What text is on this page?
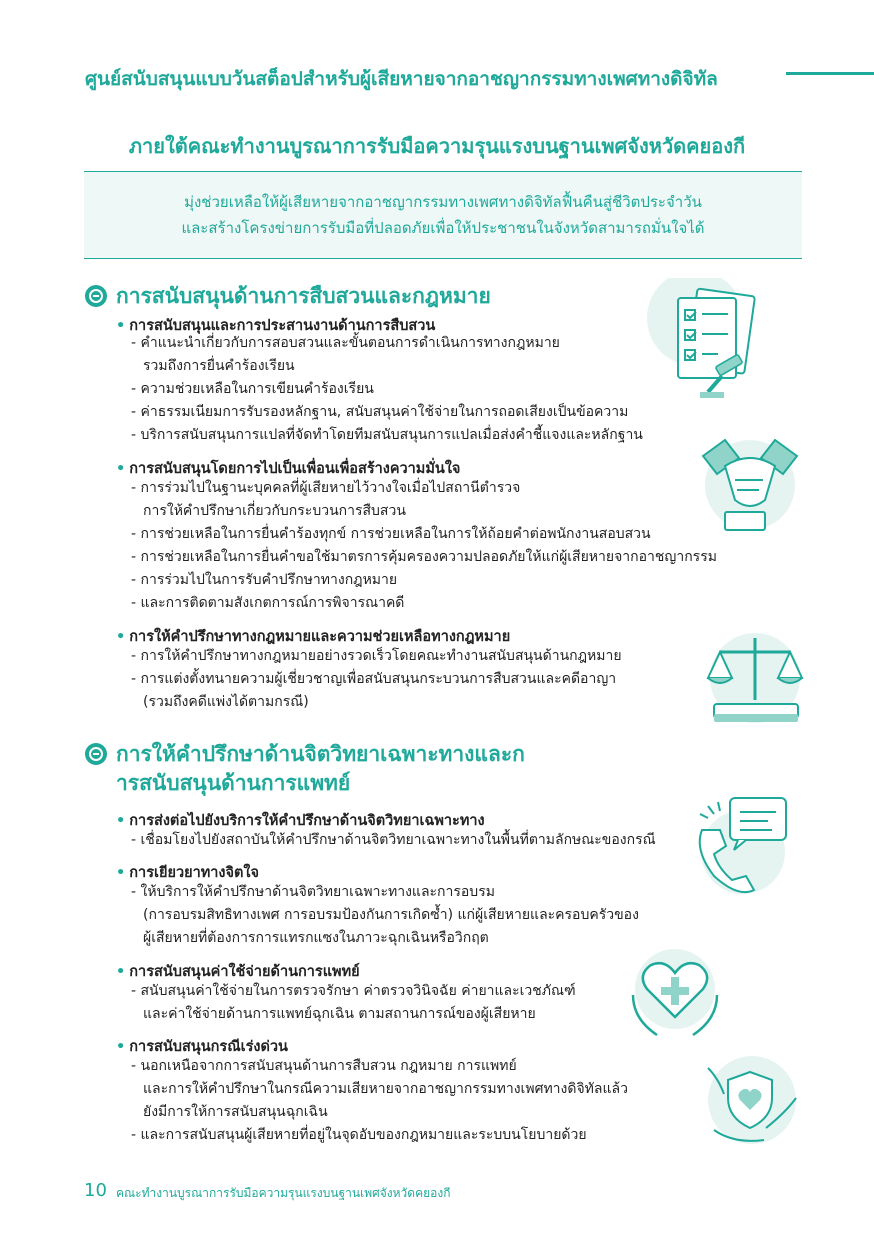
ศูนย์สนับสนุนแบบวันสต็อปสำหรับผู้เสียหายจากอาชญากรรมทางเพศทางดิจิทัล
ภายใต้คณะทำงานบูรณาการรับมือความรุนแรงบนฐานเพศจังหวัดคยองกี

มุ่งช่วยเหลือให้ผู้เสียหายจากอาชญากรรมทางเพศทางดิจิทัลฟื้นคืนสู่ชีวิตประจำวัน

และสร้างโครงข่ายการรับมือที่ปลอดภัยเพื่อให้ประชาชนในจังหวัดสามารถมั่นใจได้

การสนับสนุนด้านการสืบสวนและกฎหมาย
• การสนับสนุนและการประสานงานด้านการสืบสวน
- คำแนะนำเกี่ยวกับการสอบสวนและขั้นตอนการดำเนินการทางกฎหมาย
รวมถึงการยื่นคำร้องเรียน
- ความช่วยเหลือในการเขียนคำร้องเรียน
- ค่าธรรมเนียมการรับรองหลักฐาน, สนับสนุนค่าใช้จ่ายในการถอดเสียงเป็นข้อความ
- บริการสนับสนุนการแปลที่จัดทำโดยทีมสนับสนุนการแปลเมื่อส่งคำชี้แจงและหลักฐาน
• การสนับสนุนโดยการไปเป็นเพื่อนเพื่อสร้างความมั่นใจ
- การร่วมไปในฐานะบุคคลที่ผู้เสียหายไว้วางใจเมื่อไปสถานีตำรวจ
การให้คำปรึกษาเกี่ยวกับกระบวนการสืบสวน
- การช่วยเหลือในการยื่นคำร้องทุกข์ การช่วยเหลือในการให้ถ้อยคำต่อพนักงานสอบสวน
- การช่วยเหลือในการยื่นคำขอใช้มาตรการคุ้มครองความปลอดภัยให้แก่ผู้เสียหายจากอาชญากรรม
- การร่วมไปในการรับคำปรึกษาทางกฎหมาย
- และการติดตามสังเกตการณ์การพิจารณาคดี
• การให้คำปรึกษาทางกฎหมายและความช่วยเหลือทางกฎหมาย
- การให้คำปรึกษาทางกฎหมายอย่างรวดเร็วโดยคณะทำงานสนับสนุนด้านกฎหมาย
- การแต่งตั้งทนายความผู้เชี่ยวชาญเพื่อสนับสนุนกระบวนการสืบสวนและคดีอาญา
(รวมถึงคดีแพ่งได้ตามกรณี)
การให้คำปรึกษาด้านจิตวิทยาเฉพาะทางและก
ารสนับสนุนด้านการแพทย์
• การส่งต่อไปยังบริการให้คำปรึกษาด้านจิตวิทยาเฉพาะทาง
- เชื่อมโยงไปยังสถาบันให้คำปรึกษาด้านจิตวิทยาเฉพาะทางในพื้นที่ตามลักษณะของกรณี
• การเยียวยาทางจิตใจ
- ให้บริการให้คำปรึกษาด้านจิตวิทยาเฉพาะทางและการอบรม
(การอบรมสิทธิทางเพศ การอบรมป้องกันการเกิดซ้ำ) แก่ผู้เสียหายและครอบครัวของ
ผู้เสียหายที่ต้องการการแทรกแซงในภาวะฉุกเฉินหรือวิกฤต
• การสนับสนุนค่าใช้จ่ายด้านการแพทย์
- สนับสนุนค่าใช้จ่ายในการตรวจรักษา ค่าตรวจวินิจฉัย ค่ายาและเวชภัณฑ์
และค่าใช้จ่ายด้านการแพทย์ฉุกเฉิน ตามสถานการณ์ของผู้เสียหาย
• การสนับสนุนกรณีเร่งด่วน
- นอกเหนือจากการสนับสนุนด้านการสืบสวน กฎหมาย การแพทย์
และการให้คำปรึกษาในกรณีความเสียหายจากอาชญากรรมทางเพศทางดิจิทัลแล้ว
ยังมีการให้การสนับสนุนฉุกเฉิน
- และการสนับสนุนผู้เสียหายที่อยู่ในจุดอับของกฎหมายและระบบนโยบายด้วย
10 คณะทำงานบูรณาการรับมือความรุนแรงบนฐานเพศจังหวัดคยองกี
